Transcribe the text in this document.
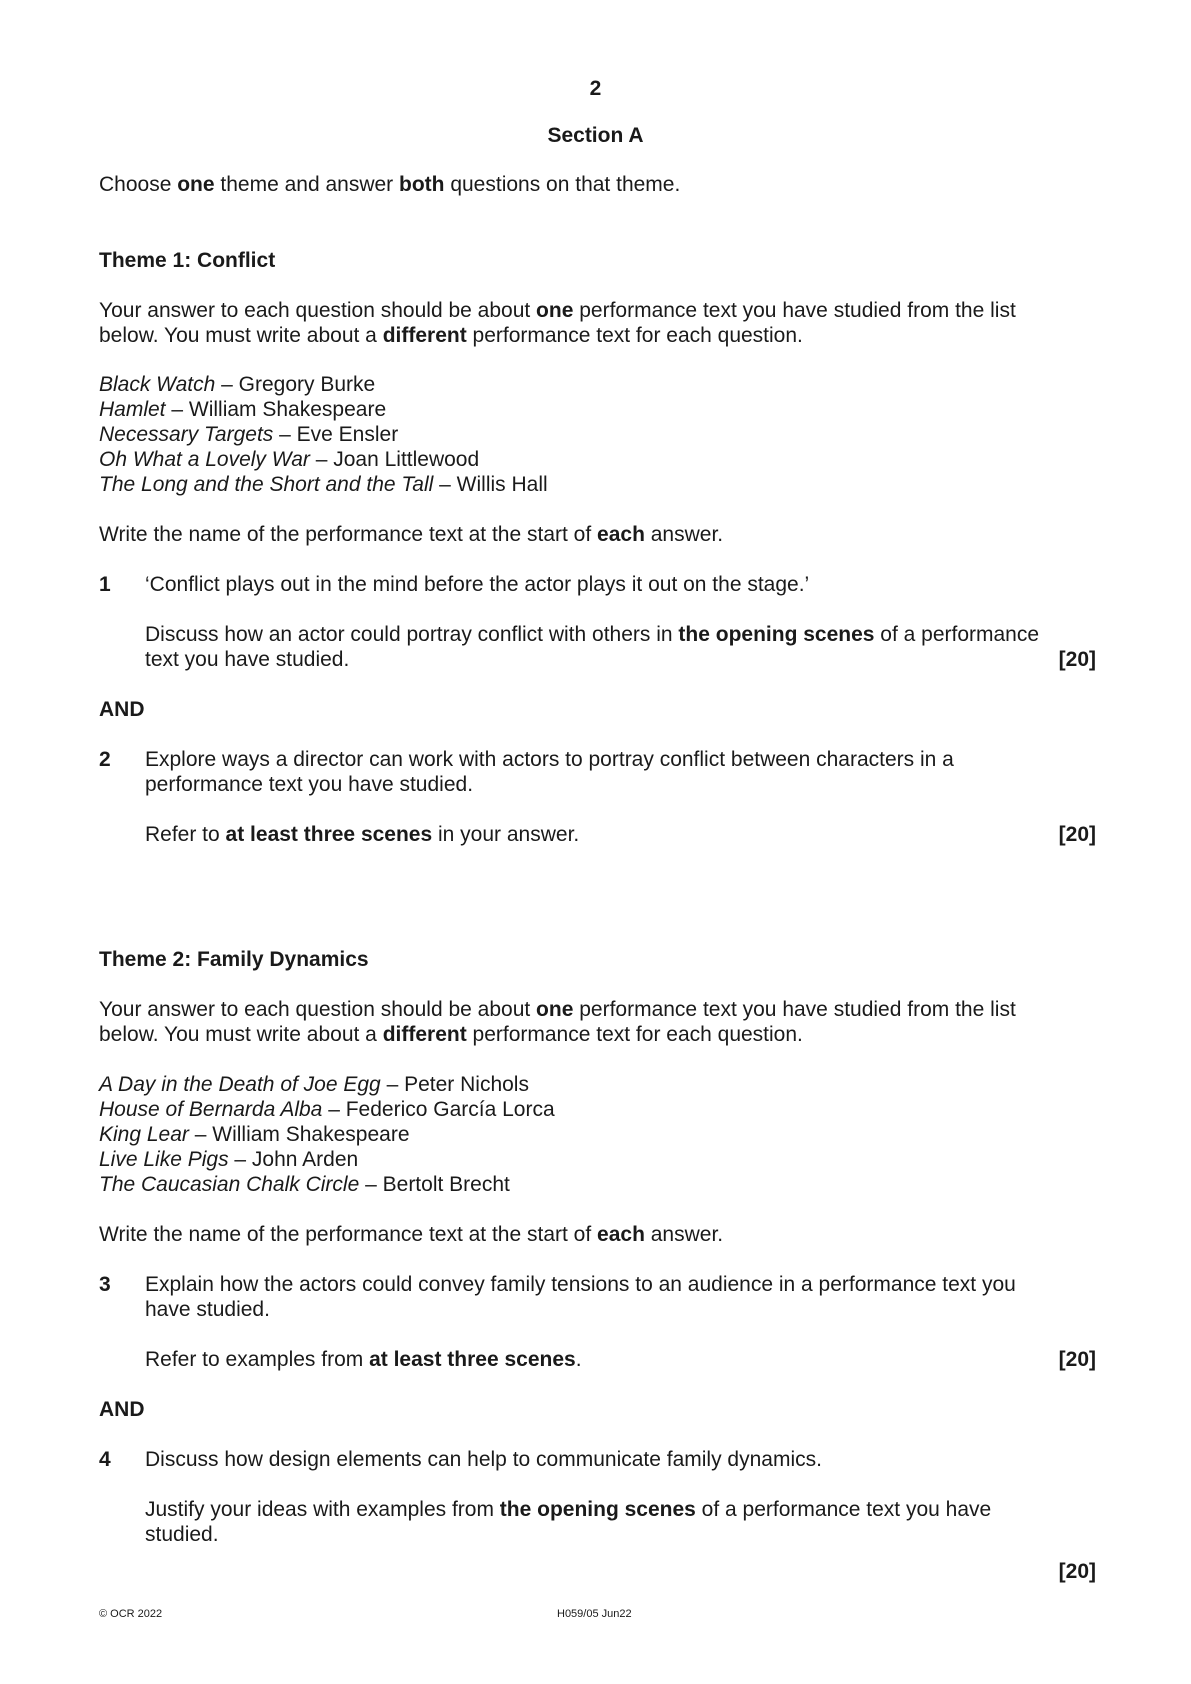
2
Section A
Choose one theme and answer both questions on that theme.
Theme 1: Conflict
Your answer to each question should be about one performance text you have studied from the list
below. You must write about a different performance text for each question.
Black Watch – Gregory Burke
Hamlet – William Shakespeare
Necessary Targets – Eve Ensler
Oh What a Lovely War – Joan Littlewood
The Long and the Short and the Tall – Willis Hall
Write the name of the performance text at the start of each answer.
1 ‘Conflict plays out in the mind before the actor plays it out on the stage.’
Discuss how an actor could portray conflict with others in the opening scenes of a performance
text you have studied.	[20]
AND
2 Explore ways a director can work with actors to portray conflict between characters in a
performance text you have studied.
Refer to at least three scenes in your answer.	[20]
Theme 2: Family Dynamics
Your answer to each question should be about one performance text you have studied from the list
below. You must write about a different performance text for each question.
A Day in the Death of Joe Egg – Peter Nichols
House of Bernarda Alba – Federico García Lorca
King Lear – William Shakespeare
Live Like Pigs – John Arden
The Caucasian Chalk Circle – Bertolt Brecht
Write the name of the performance text at the start of each answer.
3 Explain how the actors could convey family tensions to an audience in a performance text you
have studied.
Refer to examples from at least three scenes.	[20]
AND
4 Discuss how design elements can help to communicate family dynamics.
Justify your ideas with examples from the opening scenes of a performance text you have
studied.
[20]
© OCR 2022	H059/05 Jun22
